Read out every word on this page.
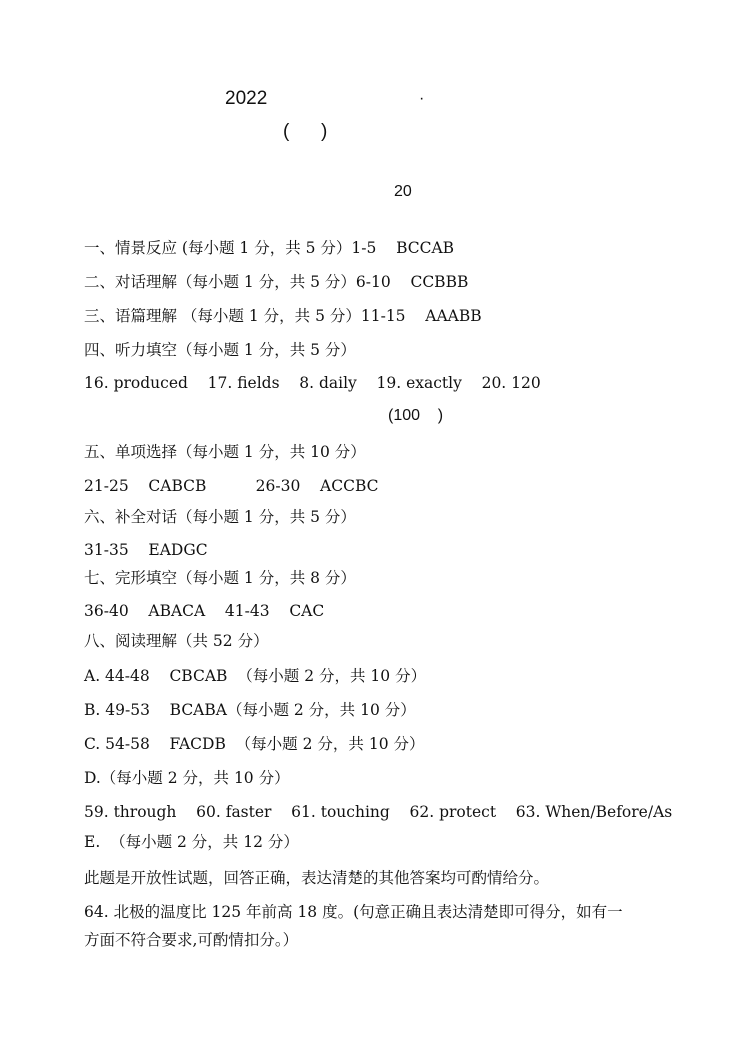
2022	·
(      )
20
一、情景反应 (每小题 1 分，共 5 分）1-5    BCCAB
二、对话理解（每小题 1 分，共 5 分）6-10    CCBBB
三、语篇理解 （每小题 1 分，共 5 分）11-15    AAABB
四、听力填空（每小题 1 分，共 5 分）
16. produced    17. fields    8. daily    19. exactly    20. 120
(100    )
五、单项选择（每小题 1 分，共 10 分）
21-25    CABCB          26-30    ACCBC
六、补全对话（每小题 1 分，共 5 分）
31-35    EADGC
七、完形填空（每小题 1 分，共 8 分）
36-40    ABACA    41-43    CAC
八、阅读理解（共 52 分）
A. 44-48    CBCAB  （每小题 2 分，共 10 分）
B. 49-53    BCABA（每小题 2 分，共 10 分）
C. 54-58    FACDB  （每小题 2 分，共 10 分）
D.（每小题 2 分，共 10 分）
59. through    60. faster    61. touching    62. protect    63. When/Before/As
E.  （每小题 2 分，共 12 分）
此题是开放性试题，回答正确，表达清楚的其他答案均可酌情给分。
64. 北极的温度比 125 年前高 18 度。(句意正确且表达清楚即可得分，如有一
方面不符合要求,可酌情扣分。）
